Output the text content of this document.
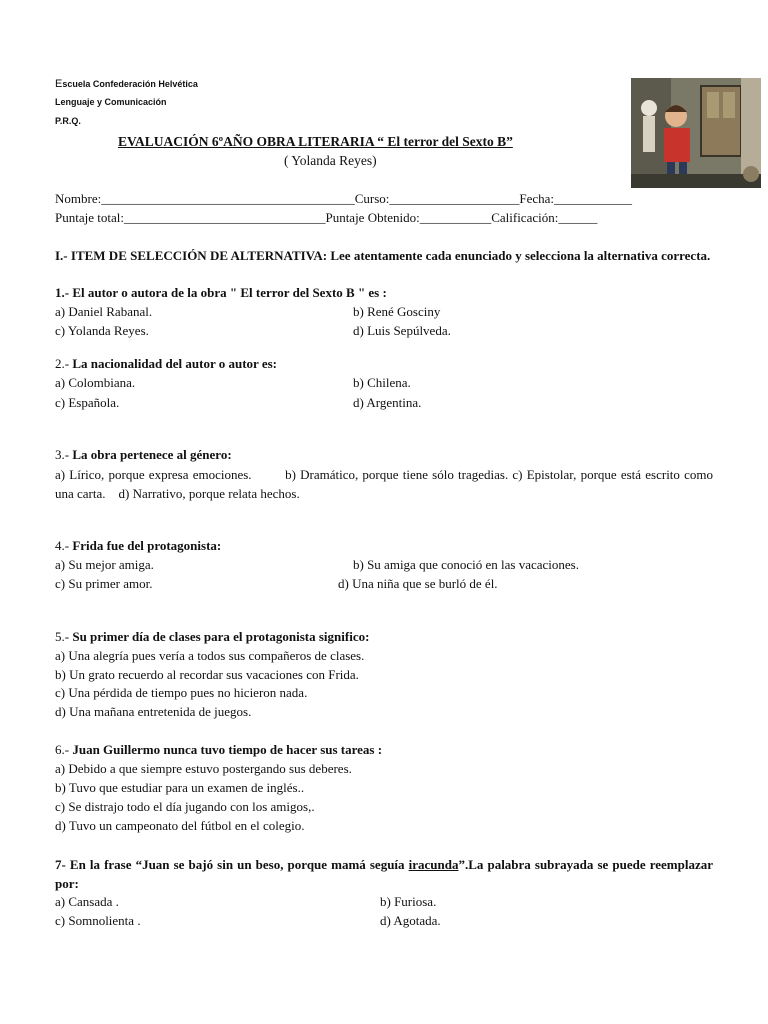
Escuela Confederación Helvética
Lenguaje y Comunicación
P.R.Q.
EVALUACIÓN 6ºAÑO OBRA LITERARIA “ El terror del Sexto B”
( Yolanda Reyes)
Nombre:_______________________________________Curso:____________________Fecha:____________
Puntaje total:_______________________________Puntaje Obtenido:___________Calificación:______
I.- ITEM DE SELECCIÓN DE ALTERNATIVA: Lee atentamente cada enunciado y selecciona la alternativa correcta.
1.- El autor o autora de la obra " El terror del Sexto B " es :
a) Daniel Rabanal.	b) René Gosciny
c) Yolanda Reyes.	d) Luis Sepúlveda.
2.- La nacionalidad del autor o autor es:
a) Colombiana.	b) Chilena.
c) Española.	d) Argentina.
3.- La obra pertenece al género:
a) Lírico, porque expresa emociones.        b) Dramático, porque tiene sólo tragedias. c) Epistolar, porque está escrito como una carta.    d) Narrativo, porque relata hechos.
4.- Frida fue del protagonista:
a) Su mejor amiga.	b) Su amiga que conoció en las vacaciones.
c) Su primer amor.	d) Una niña que se burló de él.
5.- Su primer día de clases para el protagonista significo:
a) Una alegría pues vería a todos sus compañeros de clases.
b) Un grato recuerdo al recordar sus vacaciones con Frida.
c) Una pérdida de tiempo pues no hicieron nada.
d) Una mañana entretenida de juegos.
6.- Juan Guillermo nunca tuvo tiempo de hacer sus tareas :
a) Debido a que siempre estuvo postergando sus deberes.
b) Tuvo que estudiar para un examen de inglés..
c) Se distrajo todo el día jugando con los amigos,.
d) Tuvo un campeonato del fútbol en el colegio.
7- En la frase “Juan se bajó sin un beso, porque mamá seguía iracunda”.La palabra subrayada se puede reemplazar por:
a) Cansada .	b) Furiosa.
c) Somnolienta .	d) Agotada.
